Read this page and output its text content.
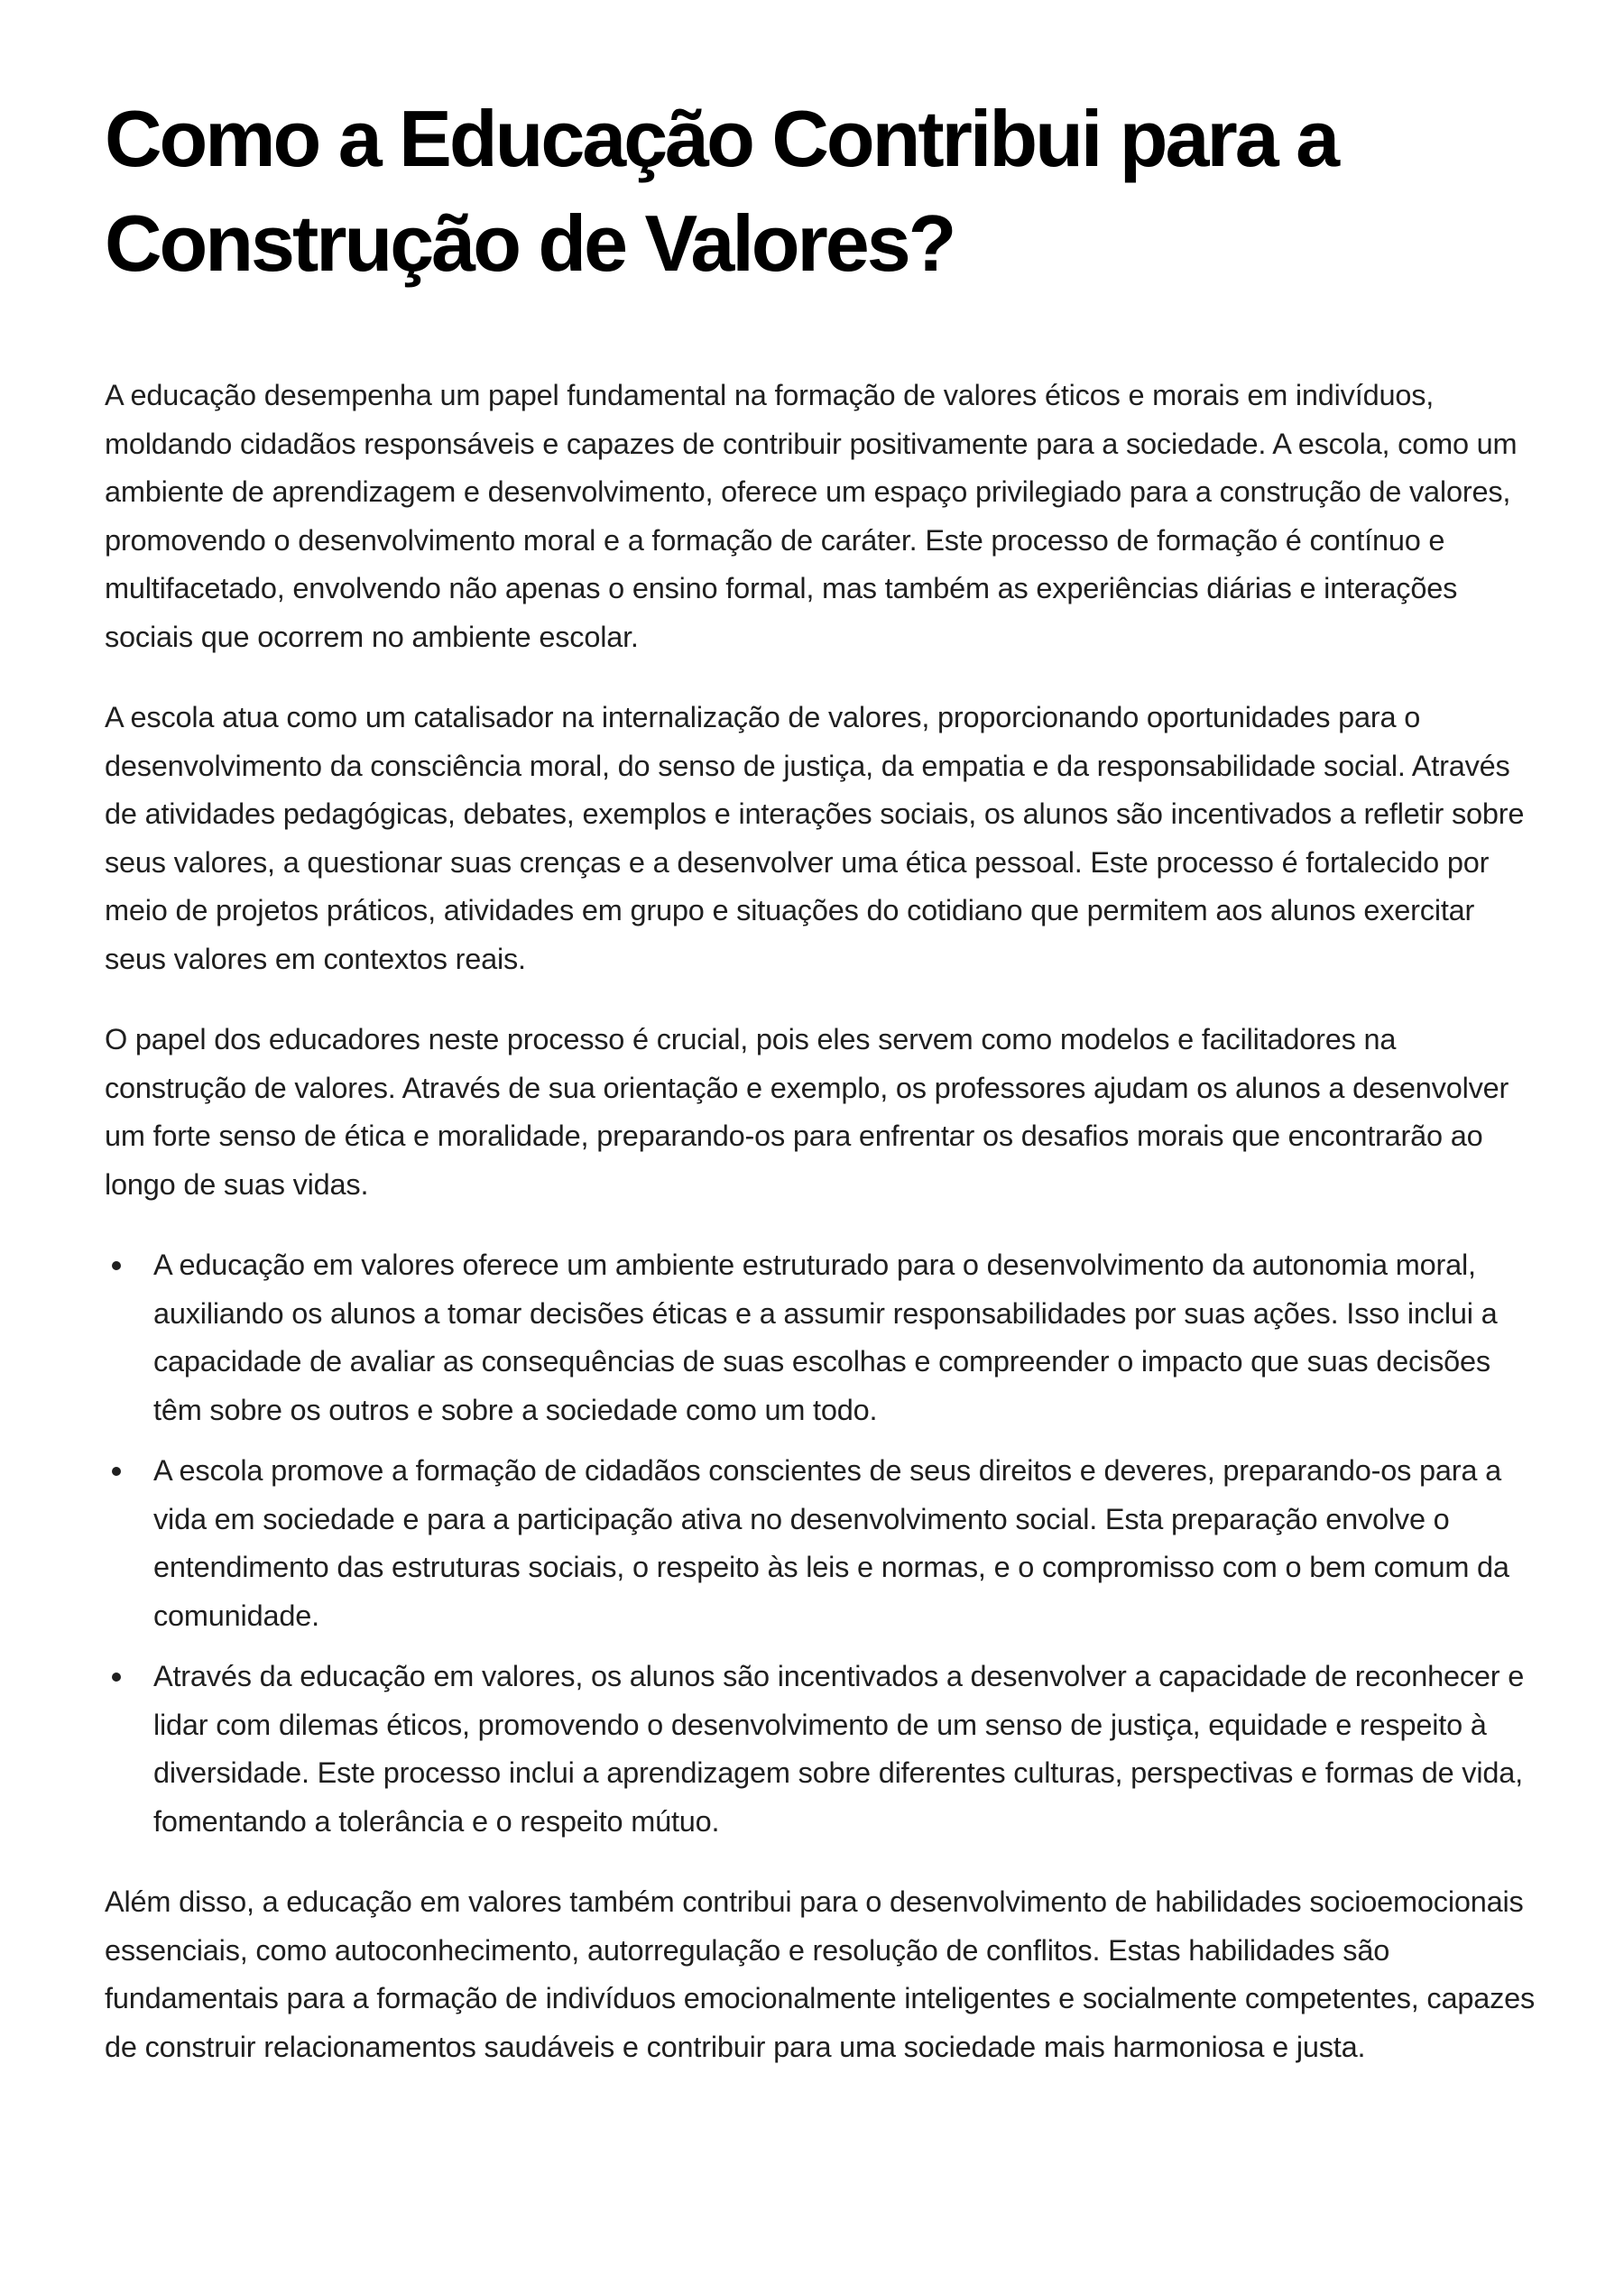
Como a Educação Contribui para a Construção de Valores?

A educação desempenha um papel fundamental na formação de valores éticos e morais em indivíduos, moldando cidadãos responsáveis e capazes de contribuir positivamente para a sociedade. A escola, como um ambiente de aprendizagem e desenvolvimento, oferece um espaço privilegiado para a construção de valores, promovendo o desenvolvimento moral e a formação de caráter. Este processo de formação é contínuo e multifacetado, envolvendo não apenas o ensino formal, mas também as experiências diárias e interações sociais que ocorrem no ambiente escolar.

A escola atua como um catalisador na internalização de valores, proporcionando oportunidades para o desenvolvimento da consciência moral, do senso de justiça, da empatia e da responsabilidade social. Através de atividades pedagógicas, debates, exemplos e interações sociais, os alunos são incentivados a refletir sobre seus valores, a questionar suas crenças e a desenvolver uma ética pessoal. Este processo é fortalecido por meio de projetos práticos, atividades em grupo e situações do cotidiano que permitem aos alunos exercitar seus valores em contextos reais.

O papel dos educadores neste processo é crucial, pois eles servem como modelos e facilitadores na construção de valores. Através de sua orientação e exemplo, os professores ajudam os alunos a desenvolver um forte senso de ética e moralidade, preparando-os para enfrentar os desafios morais que encontrarão ao longo de suas vidas.

A educação em valores oferece um ambiente estruturado para o desenvolvimento da autonomia moral, auxiliando os alunos a tomar decisões éticas e a assumir responsabilidades por suas ações. Isso inclui a capacidade de avaliar as consequências de suas escolhas e compreender o impacto que suas decisões têm sobre os outros e sobre a sociedade como um todo.
A escola promove a formação de cidadãos conscientes de seus direitos e deveres, preparando-os para a vida em sociedade e para a participação ativa no desenvolvimento social. Esta preparação envolve o entendimento das estruturas sociais, o respeito às leis e normas, e o compromisso com o bem comum da comunidade.
Através da educação em valores, os alunos são incentivados a desenvolver a capacidade de reconhecer e lidar com dilemas éticos, promovendo o desenvolvimento de um senso de justiça, equidade e respeito à diversidade. Este processo inclui a aprendizagem sobre diferentes culturas, perspectivas e formas de vida, fomentando a tolerância e o respeito mútuo.

Além disso, a educação em valores também contribui para o desenvolvimento de habilidades socioemocionais essenciais, como autoconhecimento, autorregulação e resolução de conflitos. Estas habilidades são fundamentais para a formação de indivíduos emocionalmente inteligentes e socialmente competentes, capazes de construir relacionamentos saudáveis e contribuir para uma sociedade mais harmoniosa e justa.
